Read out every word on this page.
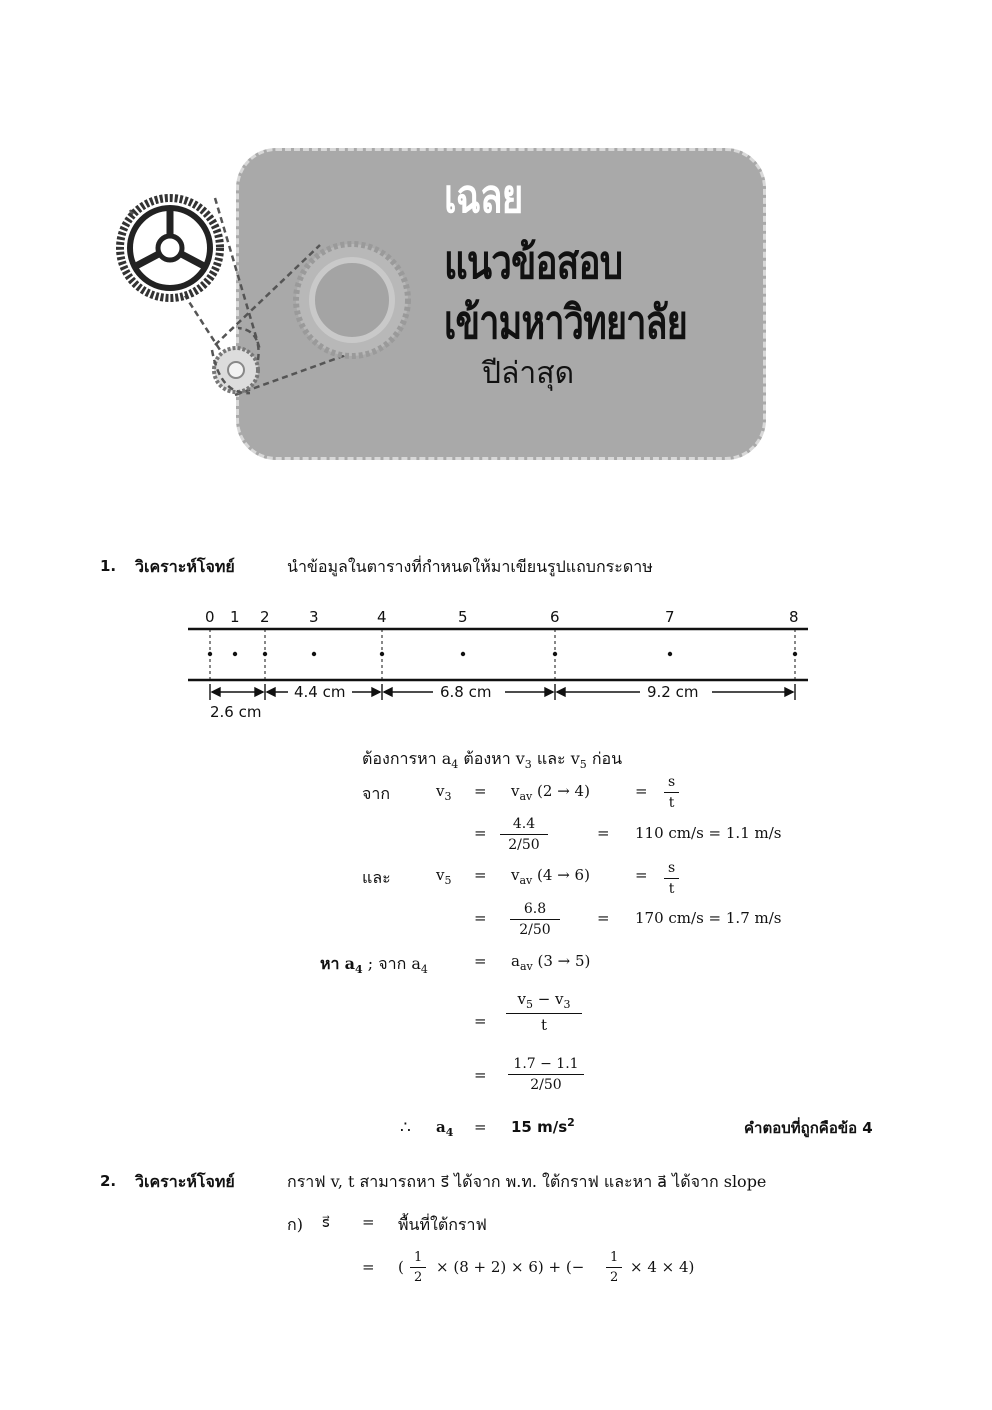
เฉลย
แนวข้อสอบ
เข้ามหาวิทยาลัย
ปีล่าสุด
1. วิเคราะห์โจทย์	นำข้อมูลในตารางที่กำหนดให้มาเขียนรูปแถบกระดาษ
0 1 2	3	4	5	6	7	8
2.6 cm
4.4 cm	6.8 cm	9.2 cm
ต้องการหา $a_4$ ต้องหา $v_3$ และ $v_5$ ก่อน
จาก	$v_3 = v_{av}$ (2 → 4)	= $\frac{s}{t}$
= $\frac{4.4}{2/50}$	= 110 cm/s = 1.1 m/s
และ	$v_5 = v_{av}$ (4 → 6)	= $\frac{s}{t}$
= $\frac{6.8}{2/50} = 170$ cm/s = 1.7 m/s
หา $a_4$ ; จาก $a_4$	= $a_{av}$ (3 → 5)
= $\frac{v_5 - v_3}{t}$
= $\frac{1.7 - 1.1}{2/50}$
∴ $a_4 = 15$ $m/s^2$	คำตอบที่ถูกคือข้อ 4
2. วิเคราะห์โจทย์	กราฟ v, t สามารถหา s⃗ ได้จาก พ.ท. ใต้กราฟ และหา a⃗ ได้จาก slope
ก) s⃗ = พื้นที่ใต้กราฟ
= ( $\frac{1}{2} \times (8 + 2) \times 6$) + (− $\frac{1}{2} \times 4 \times 4$)
